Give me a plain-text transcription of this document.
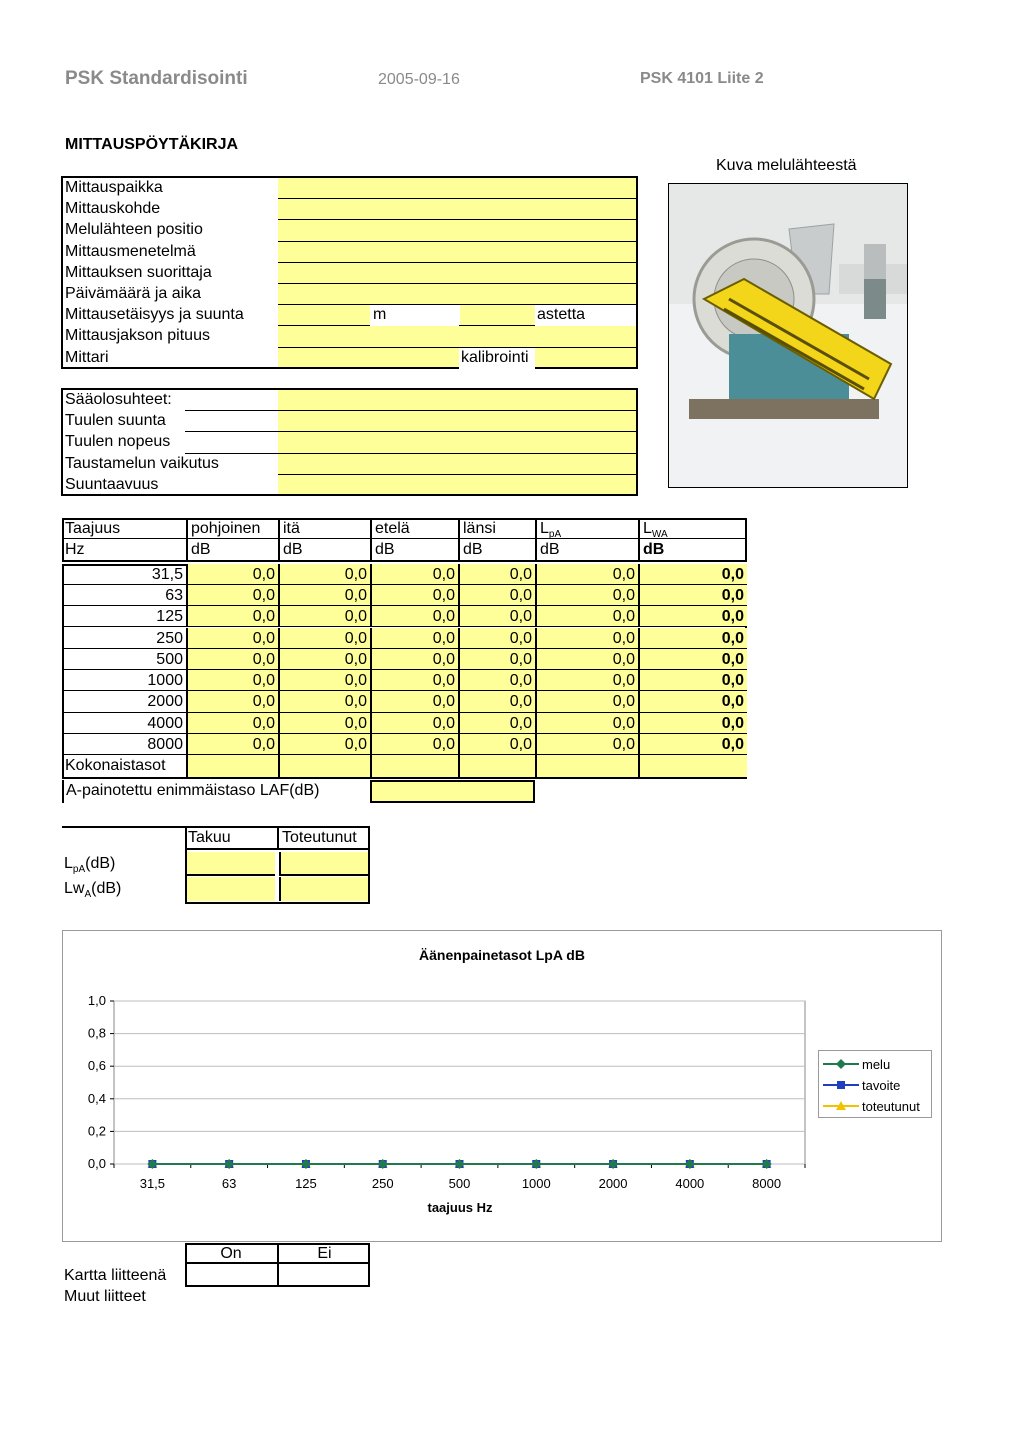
PSK Standardisointi	2005-09-16	PSK 4101 Liite 2
MITTAUSPÖYTÄKIRJA
Kuva melulähteestä
Mittauspaikka
Mittauskohde
Melulähteen positio
Mittausmenetelmä
Mittauksen suorittaja
Päivämäärä ja aika
Mittausetäisyys ja suunta	m	astetta
Mittausjakson pituus
Mittari	kalibrointi
Sääolosuhteet:
Tuulen suunta
Tuulen nopeus
Taustamelun vaikutus
Suuntaavuus
Taajuus	pohjoinen	itä	etelä	länsi	$L_{pA}$	$L_{WA}$
Hz	dB	dB	dB	dB	dB	dB
31,5	0,0	0,0	0,0	0,0	0,0	0,0
63	0,0	0,0	0,0	0,0	0,0	0,0
125	0,0	0,0	0,0	0,0	0,0	0,0
250	0,0	0,0	0,0	0,0	0,0	0,0
500	0,0	0,0	0,0	0,0	0,0	0,0
1000	0,0	0,0	0,0	0,0	0,0	0,0
2000	0,0	0,0	0,0	0,0	0,0	0,0
4000	0,0	0,0	0,0	0,0	0,0	0,0
8000	0,0	0,0	0,0	0,0	0,0	0,0
Kokonaistasot
A-painotettu enimmäistaso LAF(dB)
Takuu	Toteutunut
$L_{pA}(dB)$
$Lw_A(dB)$
Äänenpainetasot LpA dB
1,0
0,8
0,6
0,4
0,2
0,0
31,5	63	125	250	500	1000	2000	4000	8000
taajuus Hz
melu
tavoite
toteutunut
On	Ei
Kartta liitteenä
Muut liitteet
